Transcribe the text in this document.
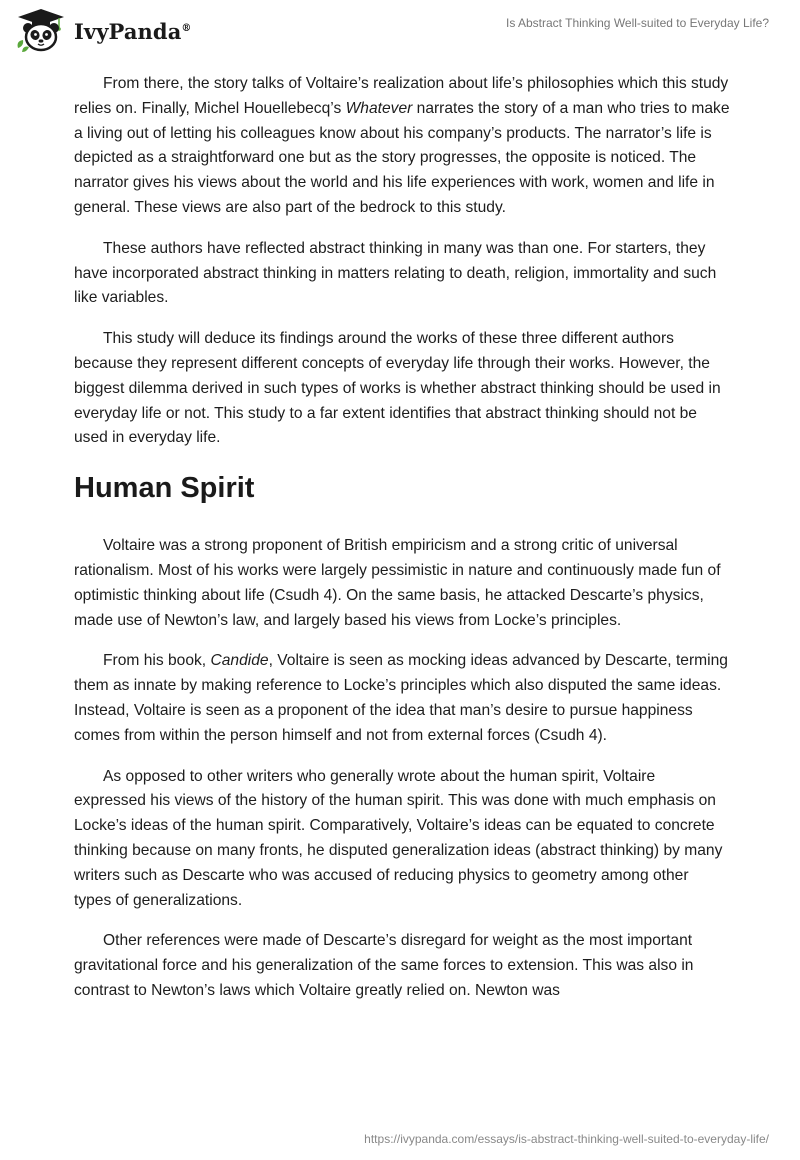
IvyPanda®	Is Abstract Thinking Well-suited to Everyday Life?

From there, the story talks of Voltaire’s realization about life’s philosophies which this study relies on. Finally, Michel Houellebecq’s Whatever narrates the story of a man who tries to make a living out of letting his colleagues know about his company’s products. The narrator’s life is depicted as a straightforward one but as the story progresses, the opposite is noticed. The narrator gives his views about the world and his life experiences with work, women and life in general. These views are also part of the bedrock to this study.

These authors have reflected abstract thinking in many was than one. For starters, they have incorporated abstract thinking in matters relating to death, religion, immortality and such like variables.

This study will deduce its findings around the works of these three different authors because they represent different concepts of everyday life through their works. However, the biggest dilemma derived in such types of works is whether abstract thinking should be used in everyday life or not. This study to a far extent identifies that abstract thinking should not be used in everyday life.

Human Spirit

Voltaire was a strong proponent of British empiricism and a strong critic of universal rationalism. Most of his works were largely pessimistic in nature and continuously made fun of optimistic thinking about life (Csudh 4). On the same basis, he attacked Descarte’s physics, made use of Newton’s law, and largely based his views from Locke’s principles.

From his book, Candide, Voltaire is seen as mocking ideas advanced by Descarte, terming them as innate by making reference to Locke’s principles which also disputed the same ideas. Instead, Voltaire is seen as a proponent of the idea that man’s desire to pursue happiness comes from within the person himself and not from external forces (Csudh 4).

As opposed to other writers who generally wrote about the human spirit, Voltaire expressed his views of the history of the human spirit. This was done with much emphasis on Locke’s ideas of the human spirit. Comparatively, Voltaire’s ideas can be equated to concrete thinking because on many fronts, he disputed generalization ideas (abstract thinking) by many writers such as Descarte who was accused of reducing physics to geometry among other types of generalizations.

Other references were made of Descarte’s disregard for weight as the most important gravitational force and his generalization of the same forces to extension. This was also in contrast to Newton’s laws which Voltaire greatly relied on. Newton was

https://ivypanda.com/essays/is-abstract-thinking-well-suited-to-everyday-life/
